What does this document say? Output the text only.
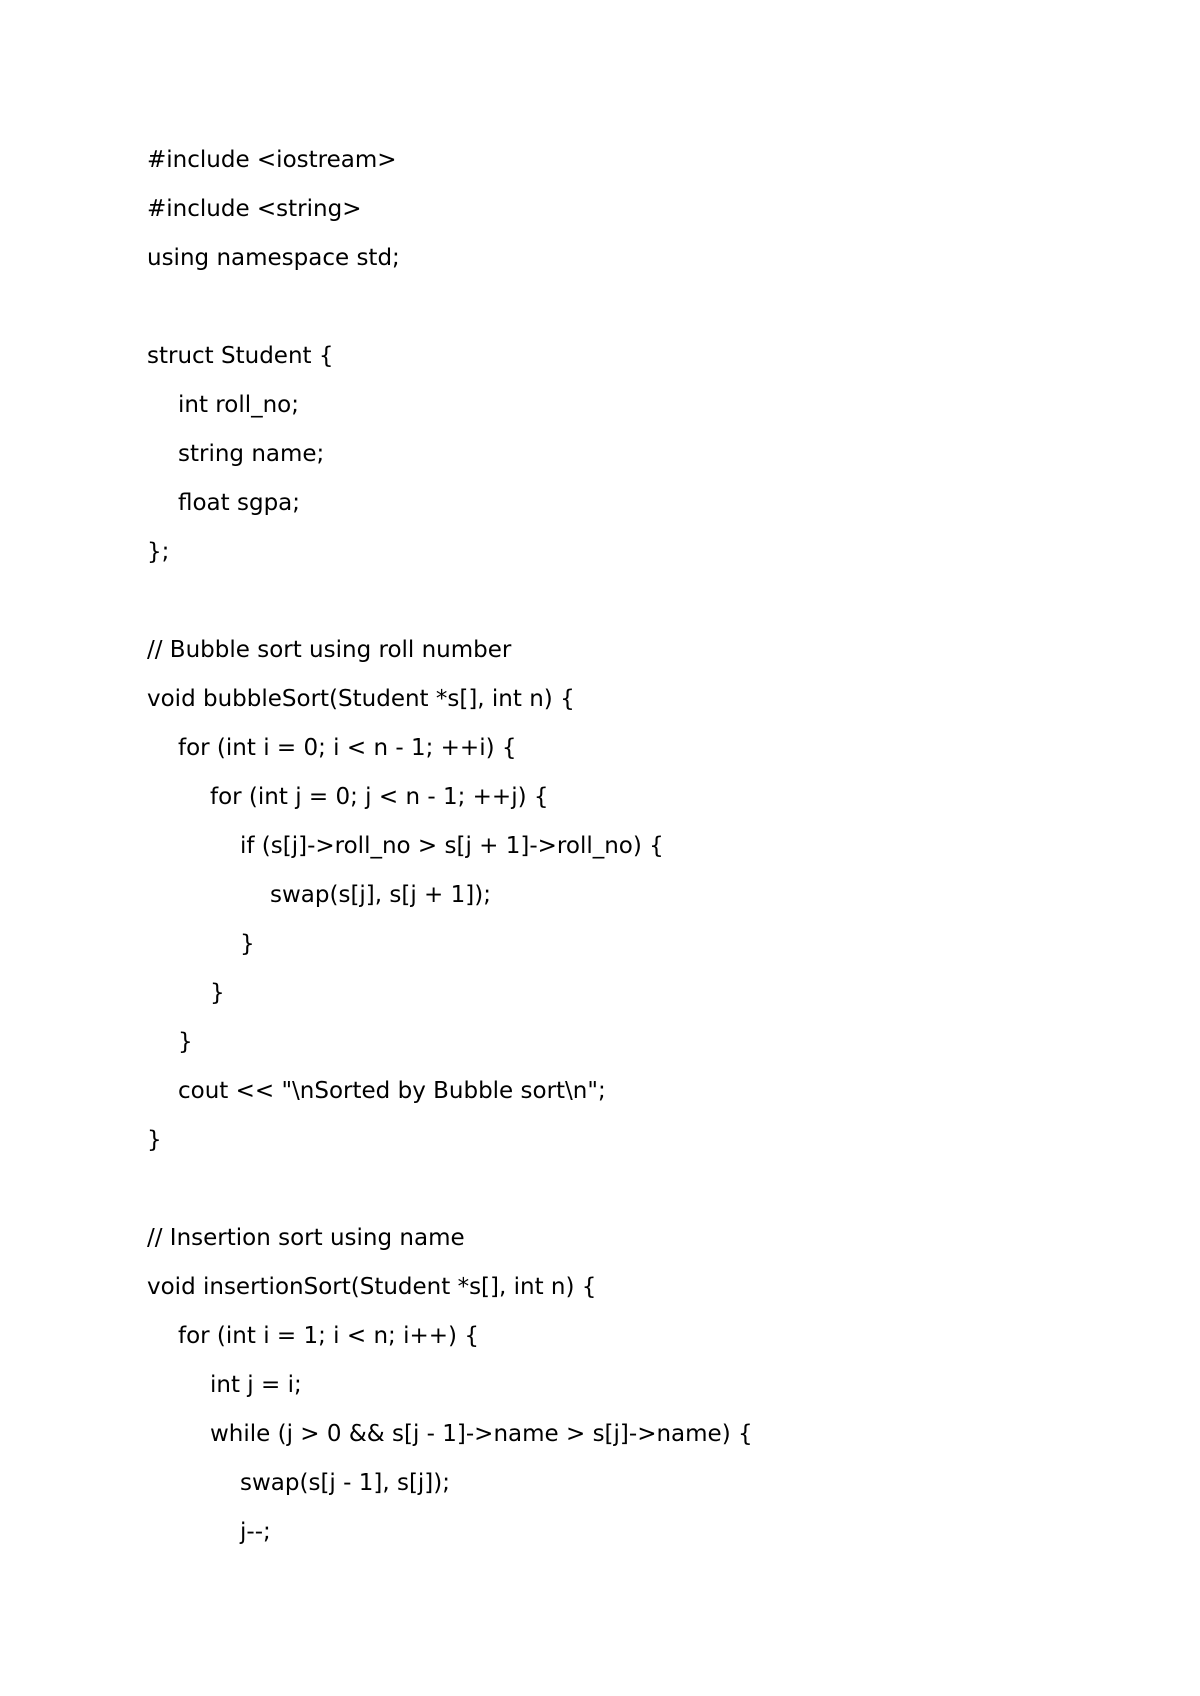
#include <iostream>
#include <string>
using namespace std;
struct Student {
int roll_no;
string name;
float sgpa;
};
// Bubble sort using roll number
void bubbleSort(Student *s[], int n) {
for (int i = 0; i < n - 1; ++i) {
for (int j = 0; j < n - 1; ++j) {
if (s[j]->roll_no > s[j + 1]->roll_no) {
swap(s[j], s[j + 1]);
}
}
}
cout << "\nSorted by Bubble sort\n";
}
// Insertion sort using name
void insertionSort(Student *s[], int n) {
for (int i = 1; i < n; i++) {
int j = i;
while (j > 0 && s[j - 1]->name > s[j]->name) {
swap(s[j - 1], s[j]);
j--;
